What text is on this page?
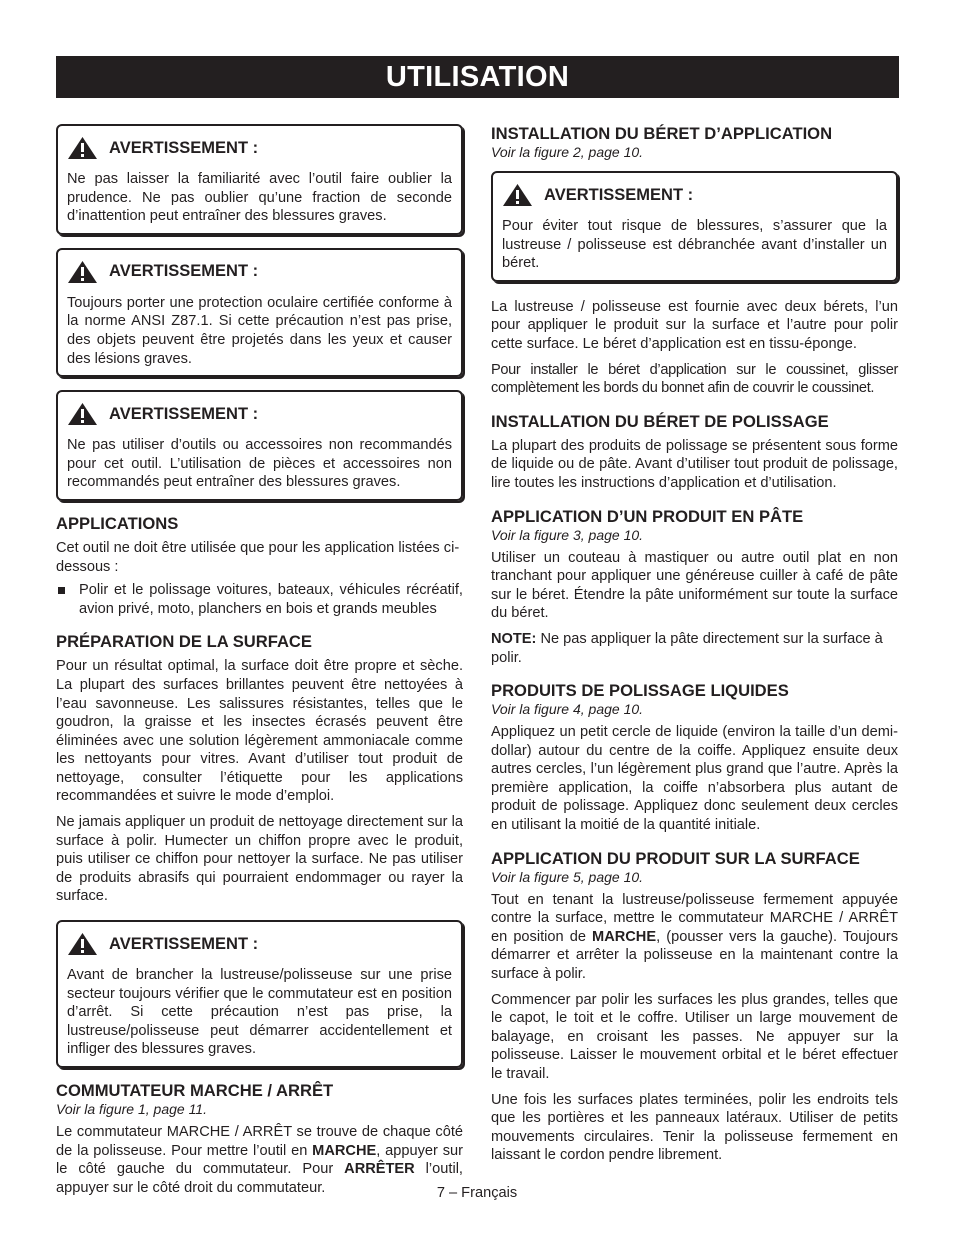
UTILISATION
AVERTISSEMENT :

Ne pas laisser la familiarité avec l’outil faire oublier la prudence. Ne pas oublier qu’une fraction de seconde d’inattention peut entraîner des blessures graves.

AVERTISSEMENT :

Toujours porter une protection oculaire certifiée conforme à la norme ANSI Z87.1. Si cette précaution n’est pas prise, des objets peuvent être projetés dans les yeux et causer des lésions graves.

AVERTISSEMENT :

Ne pas utiliser d’outils ou accessoires non recommandés pour cet outil. L’utilisation de pièces et accessoires non recommandés peut entraîner des blessures graves.

APPLICATIONS

Cet outil ne doit être utilisée que pour les application listées ci-dessous :

Polir et le polissage voitures, bateaux, véhicules récréatif, avion privé, moto, planchers en bois et grands meubles
PRÉPARATION DE LA SURFACE

Pour un résultat optimal, la surface doit être propre et sèche. La plupart des surfaces brillantes peuvent être nettoyées à l’eau savonneuse. Les salissures résistantes, telles que le goudron, la graisse et les insectes écrasés peuvent être éliminées avec une solution légèrement ammoniacale comme les nettoyants pour vitres. Avant d’utiliser tout produit de nettoyage, consulter l’étiquette pour les applications recommandées et suivre le mode d’emploi.

Ne jamais appliquer un produit de nettoyage directement sur la surface à polir. Humecter un chiffon propre avec le produit, puis utiliser ce chiffon pour nettoyer la surface. Ne pas utiliser de produits abrasifs qui pourraient endommager ou rayer la surface.

AVERTISSEMENT :

Avant de brancher la lustreuse/polisseuse sur une prise secteur toujours vérifier que le commutateur est en position d’arrêt. Si cette précaution n’est pas prise, la lustreuse/polisseuse peut démarrer accidentellement et infliger des blessures graves.

COMMUTATEUR MARCHE / ARRÊT
Voir la figure 1, page 11.

Le commutateur MARCHE / ARRÊT se trouve de chaque côté de la polisseuse. Pour mettre l’outil en MARCHE, appuyer sur le côté gauche du commutateur. Pour ARRÊTER l’outil, appuyer sur le côté droit du commutateur.

INSTALLATION DU BÉRET D’APPLICATION
Voir la figure 2, page 10.
AVERTISSEMENT :

Pour éviter tout risque de blessures, s’assurer que la lustreuse / polisseuse est débranchée avant d’installer un béret.

La lustreuse / polisseuse est fournie avec deux bérets, l’un pour appliquer le produit sur la surface et l’autre pour polir cette surface. Le béret d’application est en tissu-éponge.

Pour installer le béret d’application sur le coussinet, glisser complètement les bords du bonnet afin de couvrir le coussinet.

INSTALLATION DU BÉRET DE POLISSAGE

La plupart des produits de polissage se présentent sous forme de liquide ou de pâte. Avant d’utiliser tout produit de polissage, lire toutes les instructions d’application et d’utilisation.

APPLICATION D’UN PRODUIT EN PÂTE
Voir la figure 3, page 10.

Utiliser un couteau à mastiquer ou autre outil plat en non tranchant pour appliquer une généreuse cuiller à café de pâte sur le béret. Étendre la pâte uniformément sur toute la surface du béret.

NOTE: Ne pas appliquer la pâte directement sur la surface à polir.

PRODUITS DE POLISSAGE LIQUIDES
Voir la figure 4, page 10.

Appliquez un petit cercle de liquide (environ la taille d’un demi-dollar) autour du centre de la coiffe. Appliquez ensuite deux autres cercles, l’un légèrement plus grand que l’autre. Après la première application, la coiffe n’absorbera plus autant de produit de polissage. Appliquez donc seulement deux cercles en utilisant la moitié de la quantité initiale.

APPLICATION DU PRODUIT SUR LA SURFACE
Voir la figure 5, page 10.

Tout en tenant la lustreuse/polisseuse fermement appuyée contre la surface, mettre le commutateur MARCHE / ARRÊT en position de MARCHE, (pousser vers la gauche). Toujours démarrer et arrêter la polisseuse en la maintenant contre la surface à polir.

Commencer par polir les surfaces les plus grandes, telles que le capot, le toit et le coffre. Utiliser un large mouvement de balayage, en croisant les passes. Ne appuyer sur la polisseuse. Laisser le mouvement orbital et le béret effectuer le travail.

Une fois les surfaces plates terminées, polir les endroits tels que les portières et les panneaux latéraux. Utiliser de petits mouvements circulaires. Tenir la polisseuse fermement en laissant le cordon pendre librement.

7 – Français
